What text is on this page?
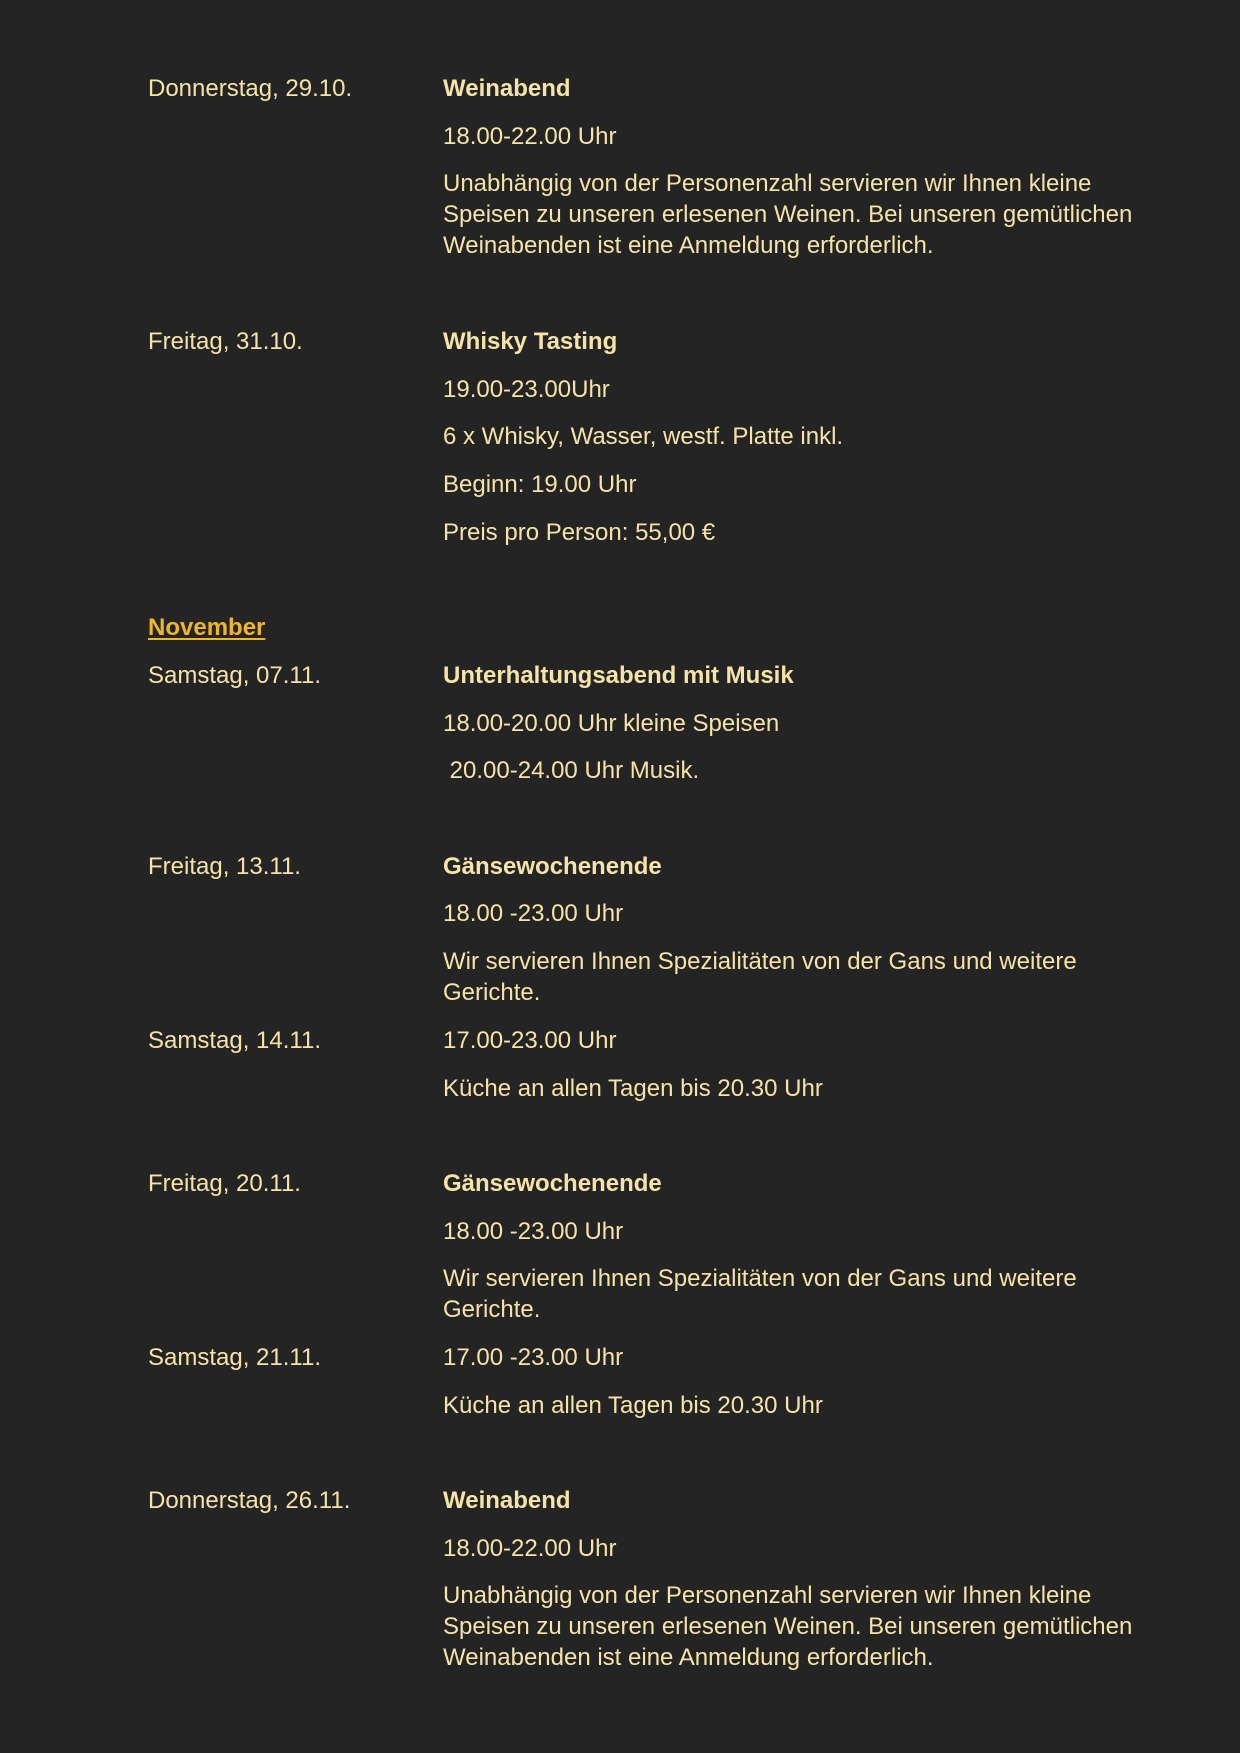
Donnerstag, 29.10.	Weinabend
18.00-22.00 Uhr
Unabhängig von der Personenzahl servieren wir Ihnen kleine Speisen zu unseren erlesenen Weinen. Bei unseren gemütlichen Weinabenden ist eine Anmeldung erforderlich.
Freitag, 31.10.	Whisky Tasting
19.00-23.00Uhr
6 x Whisky, Wasser, westf. Platte inkl.
Beginn: 19.00 Uhr
Preis pro Person: 55,00 €
November
Samstag, 07.11.	Unterhaltungsabend mit Musik
18.00-20.00 Uhr kleine Speisen
20.00-24.00 Uhr Musik.
Freitag, 13.11.	Gänsewochenende
18.00 -23.00 Uhr
Wir servieren Ihnen Spezialitäten von der Gans und weitere Gerichte.
Samstag, 14.11.	17.00-23.00 Uhr
Küche an allen Tagen bis 20.30 Uhr
Freitag, 20.11.	Gänsewochenende
18.00 -23.00 Uhr
Wir servieren Ihnen Spezialitäten von der Gans und weitere Gerichte.
Samstag, 21.11.	17.00 -23.00 Uhr
Küche an allen Tagen bis 20.30 Uhr
Donnerstag, 26.11.	Weinabend
18.00-22.00 Uhr
Unabhängig von der Personenzahl servieren wir Ihnen kleine Speisen zu unseren erlesenen Weinen. Bei unseren gemütlichen Weinabenden ist eine Anmeldung erforderlich.
